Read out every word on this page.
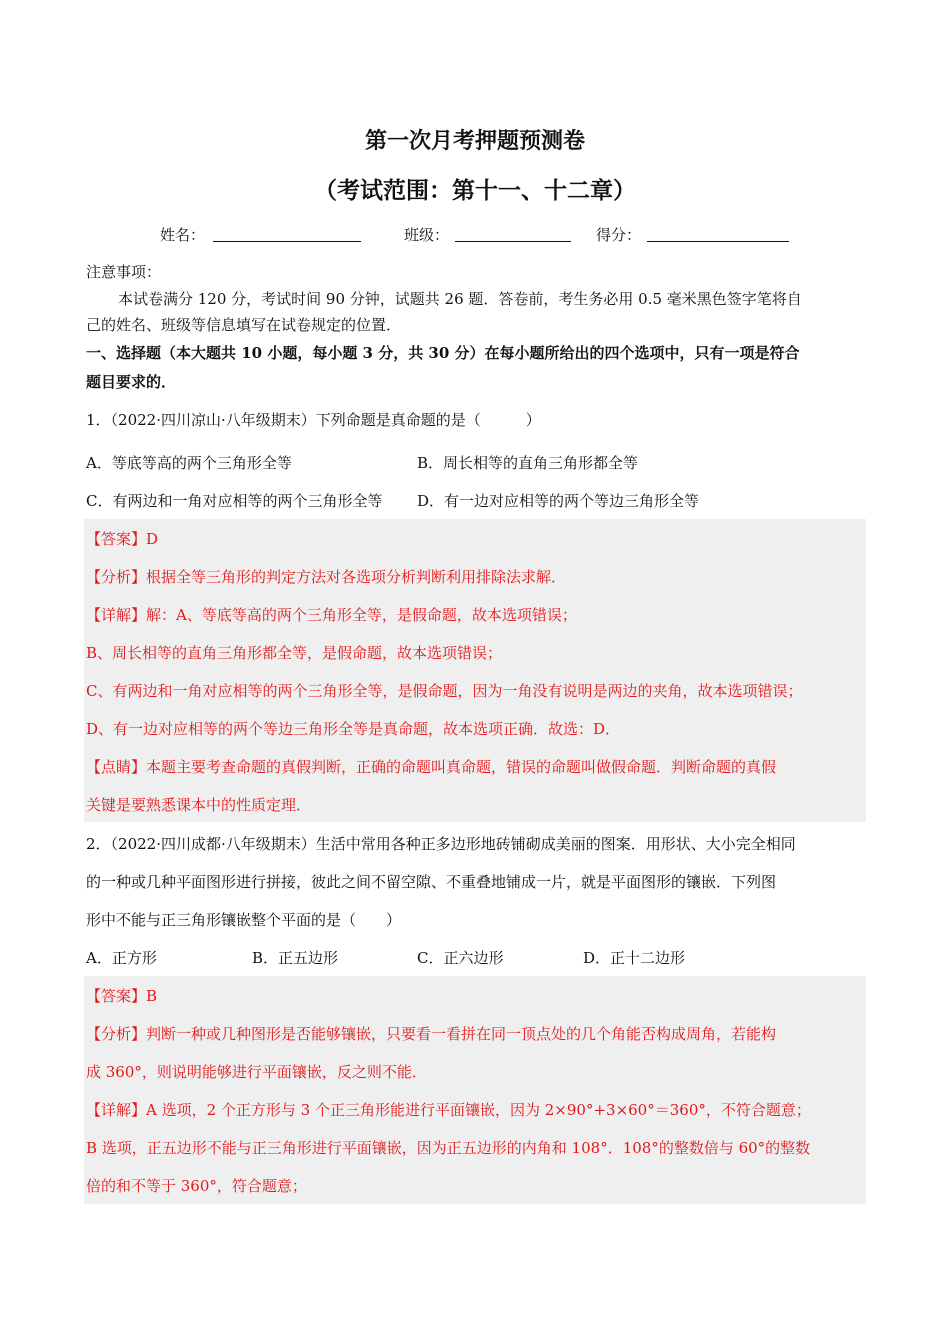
第一次月考押题预测卷
（考试范围：第十一、十二章）
姓名：	班级：	得分：
注意事项：
本试卷满分 120 分，考试时间 90 分钟，试题共 26 题．答卷前，考生务必用 0.5 毫米黑色签字笔将自
己的姓名、班级等信息填写在试卷规定的位置．
一、选择题（本大题共 10 小题，每小题 3 分，共 30 分）在每小题所给出的四个选项中，只有一项是符合
题目要求的．
1．（2022·四川凉山·八年级期末）下列命题是真命题的是（　　　）
A．等底等高的两个三角形全等	B．周长相等的直角三角形都全等
C．有两边和一角对应相等的两个三角形全等	D．有一边对应相等的两个等边三角形全等
【答案】D
【分析】根据全等三角形的判定方法对各选项分析判断利用排除法求解．
【详解】解：A、等底等高的两个三角形全等，是假命题，故本选项错误；
B、周长相等的直角三角形都全等，是假命题，故本选项错误；
C、有两边和一角对应相等的两个三角形全等，是假命题，因为一角没有说明是两边的夹角，故本选项错误；
D、有一边对应相等的两个等边三角形全等是真命题，故本选项正确．故选：D．
【点睛】本题主要考查命题的真假判断，正确的命题叫真命题，错误的命题叫做假命题．判断命题的真假
关键是要熟悉课本中的性质定理．
2．（2022·四川成都·八年级期末）生活中常用各种正多边形地砖铺砌成美丽的图案．用形状、大小完全相同
的一种或几种平面图形进行拼接，彼此之间不留空隙、不重叠地铺成一片，就是平面图形的镶嵌．下列图
形中不能与正三角形镶嵌整个平面的是（　　）
A．正方形	B．正五边形	C．正六边形	D．正十二边形
【答案】B
【分析】判断一种或几种图形是否能够镶嵌，只要看一看拼在同一顶点处的几个角能否构成周角，若能构
成 360°，则说明能够进行平面镶嵌，反之则不能．
【详解】A 选项，2 个正方形与 3 个正三角形能进行平面镶嵌，因为 2×90°+3×60°＝360°，不符合题意；
B 选项，正五边形不能与正三角形进行平面镶嵌，因为正五边形的内角和 108°．108°的整数倍与 60°的整数
倍的和不等于 360°，符合题意；
